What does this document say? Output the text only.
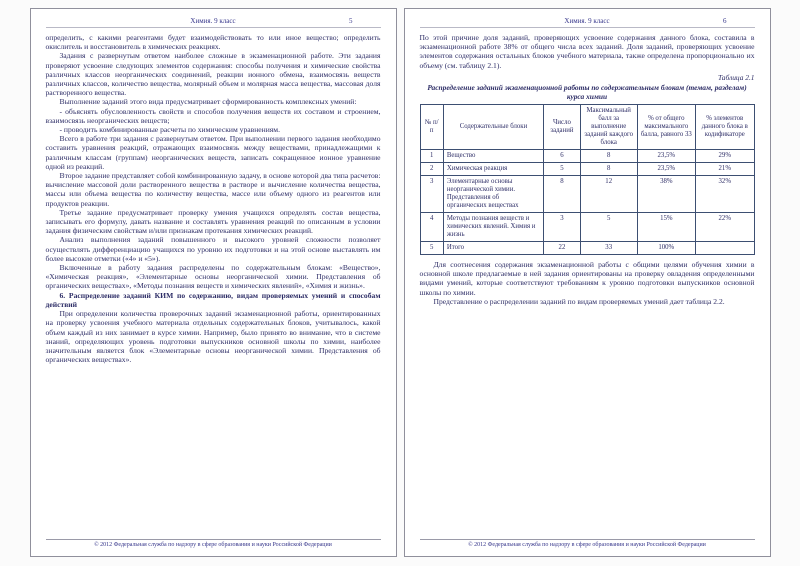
Химия. 9 класс	5

определить, с какими реагентами будет взаимодействовать то или иное вещество; определить окислитель и восстановитель в химических реакциях.

Задания с развернутым ответом наиболее сложные в экзаменационной работе. Эти задания проверяют усвоение следующих элементов содержания: способы получения и химические свойства различных классов неорганических соединений, реакции ионного обмена, взаимосвязь веществ различных классов, количество вещества, молярный объем и молярная масса вещества, массовая доля растворенного вещества.

Выполнение заданий этого вида предусматривает сформированность комплексных умений:

- объяснять обусловленность свойств и способов получения веществ их составом и строением, взаимосвязь неорганических веществ;

- проводить комбинированные расчеты по химическим уравнениям.

Всего в работе три задания с развернутым ответом. При выполнении первого задания необходимо составить уравнения реакций, отражающих взаимосвязь между веществами, принадлежащими к различным классам (группам) неорганических веществ, записать сокращенное ионное уравнение одной из реакций.

Второе задание представляет собой комбинированную задачу, в основе которой два типа расчетов: вычисление массовой доли растворенного вещества в растворе и вычисление количества вещества, массы или объема вещества по количеству вещества, массе или объему одного из реагентов или продуктов реакции.

Третье задание предусматривает проверку умения учащихся определять состав вещества, записывать его формулу, давать название и составлять уравнения реакций по описанным в условии задания физическим свойствам и/или признакам протекания химических реакций.

Анализ выполнения заданий повышенного и высокого уровней сложности позволяет осуществлять дифференциацию учащихся по уровню их подготовки и на этой основе выставлять им более высокие отметки («4» и «5»).

Включенные в работу задания распределены по содержательным блокам: «Вещество», «Химическая реакция», «Элементарные основы неорганической химии. Представления об органических веществах», «Методы познания веществ и химических явлений», «Химия и жизнь».

6. Распределение заданий КИМ по содержанию, видам проверяемых умений и способам действий

При определении количества проверочных заданий экзаменационной работы, ориентированных на проверку усвоения учебного материала отдельных содержательных блоков, учитывалось, какой объем каждый из них занимает в курсе химии. Например, было принято во внимание, что в системе знаний, определяющих уровень подготовки выпускников основной школы по химии, наиболее значительным является блок «Элементарные основы неорганической химии. Представления об органических веществах».

© 2012 Федеральная служба по надзору в сфере образования и науки Российской Федерации
Химия. 9 класс	6

По этой причине доля заданий, проверяющих усвоение содержания данного блока, составила в экзаменационной работе 38% от общего числа всех заданий. Доля заданий, проверяющих усвоение элементов содержания остальных блоков учебного материала, также определена пропорционально их объему (см. таблицу 2.1).

Таблица 2.1
Распределение заданий экзаменационной работы по содержательным блокам (темам, разделам) курса химии
№ п/п	Содержательные блоки	Число заданий	Максимальный балл за выполнение заданий каждого блока	% от общего максимального балла, равного 33	% элементов данного блока в кодификаторе
1	Вещество	6	8	23,5%	29%
2	Химическая реакция	5	8	23,5%	21%
3	Элементарные основы неорганической химии. Представления об органических веществах	8	12	38%	32%
4	Методы познания веществ и химических явлений. Химия и жизнь	3	5	15%	22%
5	Итого	22	33	100%	

Для соотнесения содержания экзаменационной работы с общими целями обучения химии в основной школе предлагаемые в ней задания ориентированы на проверку овладения определенными видами умений, которые соответствуют требованиям к уровню подготовки выпускников основной школы по химии.

Представление о распределении заданий по видам проверяемых умений дает таблица 2.2.

© 2012 Федеральная служба по надзору в сфере образования и науки Российской Федерации
